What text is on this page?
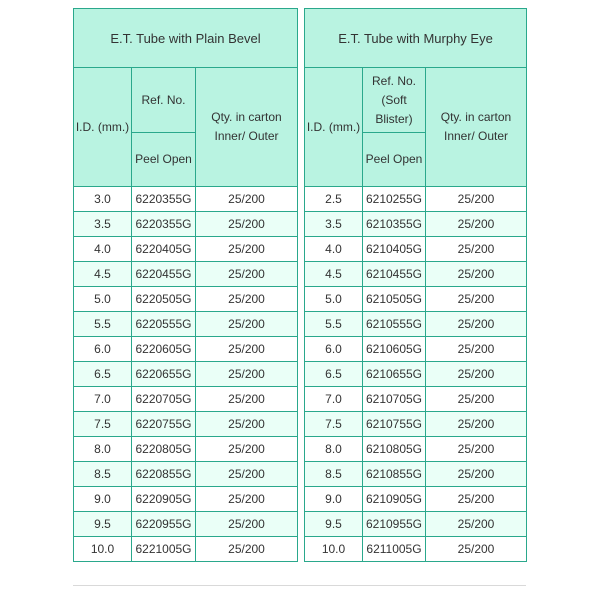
E.T. Tube with Plain Bevel		
I.D. (mm.)	Ref. No.	Qty. in carton Inner/ Outer
	Peel Open	
3.0	6220355G	25/200
3.5	6220355G	25/200
4.0	6220405G	25/200
4.5	6220455G	25/200
5.0	6220505G	25/200
5.5	6220555G	25/200
6.0	6220605G	25/200
6.5	6220655G	25/200
7.0	6220705G	25/200
7.5	6220755G	25/200
8.0	6220805G	25/200
8.5	6220855G	25/200
9.0	6220905G	25/200
9.5	6220955G	25/200
10.0	6221005G	25/200
E.T. Tube with Murphy Eye		
I.D. (mm.)	Ref. No.(Soft Blister)	Qty. in carton Inner/ Outer
	Peel Open	
2.5	6210255G	25/200
3.5	6210355G	25/200
4.0	6210405G	25/200
4.5	6210455G	25/200
5.0	6210505G	25/200
5.5	6210555G	25/200
6.0	6210605G	25/200
6.5	6210655G	25/200
7.0	6210705G	25/200
7.5	6210755G	25/200
8.0	6210805G	25/200
8.5	6210855G	25/200
9.0	6210905G	25/200
9.5	6210955G	25/200
10.0	6211005G	25/200
